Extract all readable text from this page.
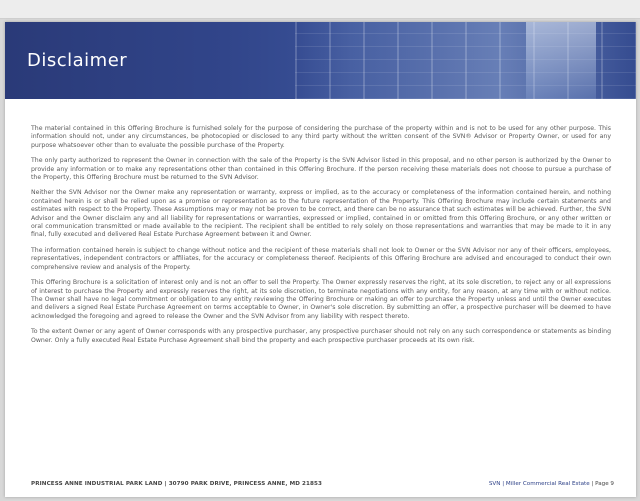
Disclaimer

The material contained in this Offering Brochure is furnished solely for the purpose of considering the purchase of the property within and is not to be used for any other purpose. This information should not, under any circumstances, be photocopied or disclosed to any third party without the written consent of the SVN® Advisor or Property Owner, or used for any purpose whatsoever other than to evaluate the possible purchase of the Property.

The only party authorized to represent the Owner in connection with the sale of the Property is the SVN Advisor listed in this proposal, and no other person is authorized by the Owner to provide any information or to make any representations other than contained in this Offering Brochure. If the person receiving these materials does not choose to pursue a purchase of the Property, this Offering Brochure must be returned to the SVN Advisor.

Neither the SVN Advisor nor the Owner make any representation or warranty, express or implied, as to the accuracy or completeness of the information contained herein, and nothing contained herein is or shall be relied upon as a promise or representation as to the future representation of the Property. This Offering Brochure may include certain statements and estimates with respect to the Property. These Assumptions may or may not be proven to be correct, and there can be no assurance that such estimates will be achieved. Further, the SVN Advisor and the Owner disclaim any and all liability for representations or warranties, expressed or implied, contained in or omitted from this Offering Brochure, or any other written or oral communication transmitted or made available to the recipient. The recipient shall be entitled to rely solely on those representations and warranties that may be made to it in any final, fully executed and delivered Real Estate Purchase Agreement between it and Owner.

The information contained herein is subject to change without notice and the recipient of these materials shall not look to Owner or the SVN Advisor nor any of their officers, employees, representatives, independent contractors or affiliates, for the accuracy or completeness thereof. Recipients of this Offering Brochure are advised and encouraged to conduct their own comprehensive review and analysis of the Property.

This Offering Brochure is a solicitation of interest only and is not an offer to sell the Property. The Owner expressly reserves the right, at its sole discretion, to reject any or all expressions of interest to purchase the Property and expressly reserves the right, at its sole discretion, to terminate negotiations with any entity, for any reason, at any time with or without notice. The Owner shall have no legal commitment or obligation to any entity reviewing the Offering Brochure or making an offer to purchase the Property unless and until the Owner executes and delivers a signed Real Estate Purchase Agreement on terms acceptable to Owner, in Owner's sole discretion. By submitting an offer, a prospective purchaser will be deemed to have acknowledged the foregoing and agreed to release the Owner and the SVN Advisor from any liability with respect thereto.

To the extent Owner or any agent of Owner corresponds with any prospective purchaser, any prospective purchaser should not rely on any such correspondence or statements as binding Owner. Only a fully executed Real Estate Purchase Agreement shall bind the property and each prospective purchaser proceeds at its own risk.

PRINCESS ANNE INDUSTRIAL PARK LAND | 30790 PARK DRIVE, PRINCESS ANNE, MD 21853	SVN | Miller Commercial Real Estate | Page 9
